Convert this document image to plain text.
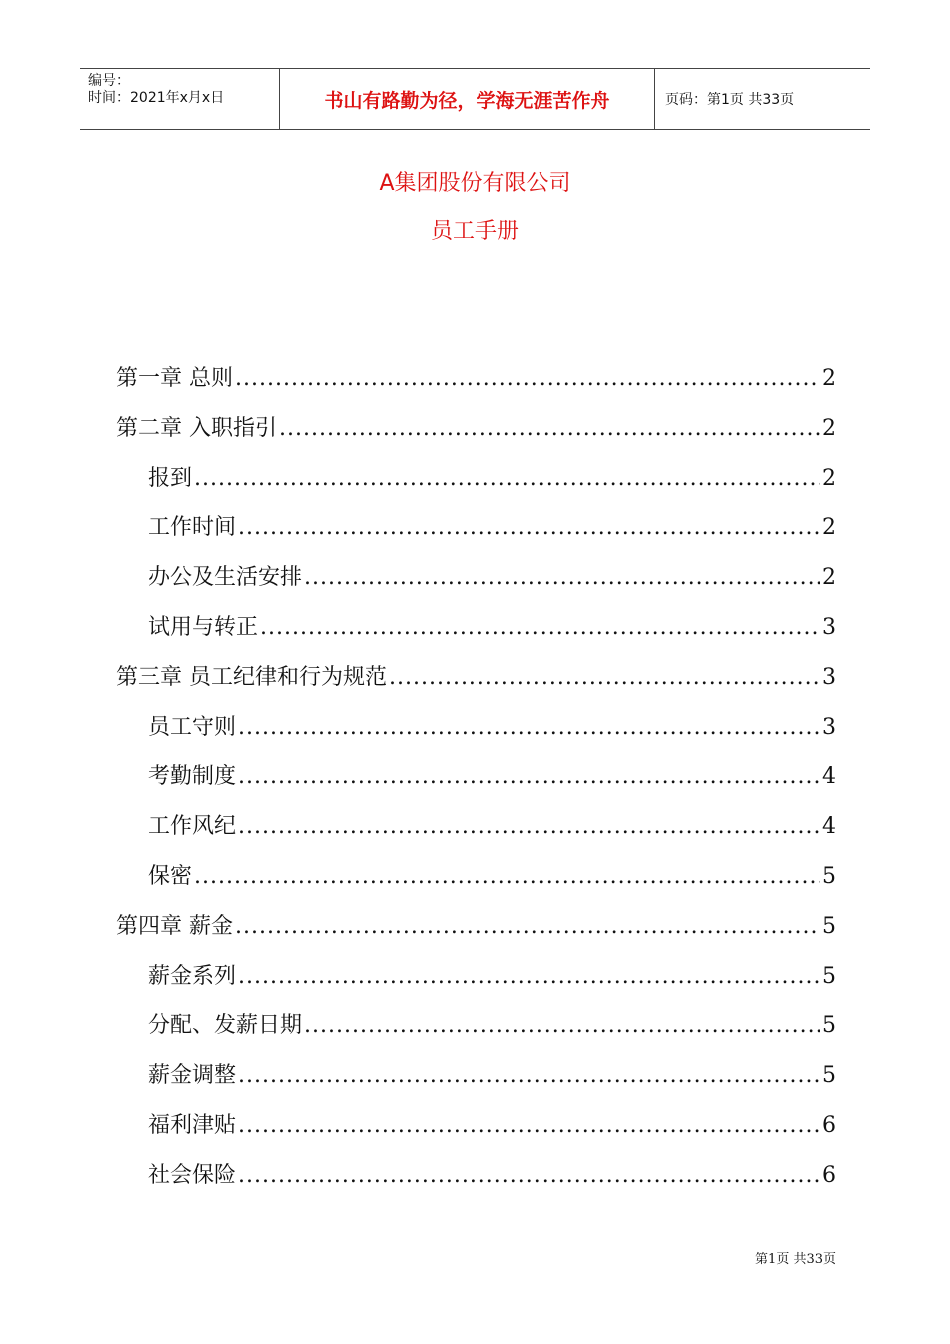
编号：
时间：2021年x月x日	书山有路勤为径，学海无涯苦作舟	页码：第1页 共33页
A集团股份有限公司
员工手册
第一章 总则 .....	2
第二章 入职指引 .....	2
报到 .....	2
工作时间 .....	2
办公及生活安排 .....	2
试用与转正 .....	3
第三章 员工纪律和行为规范 .....	3
员工守则 .....	3
考勤制度 .....	4
工作风纪 .....	4
保密 .....	5
第四章 薪金 .....	5
薪金系列 .....	5
分配、发薪日期 .....	5
薪金调整 .....	5
福利津贴 .....	6
社会保险 .....	6
第1页 共33页
